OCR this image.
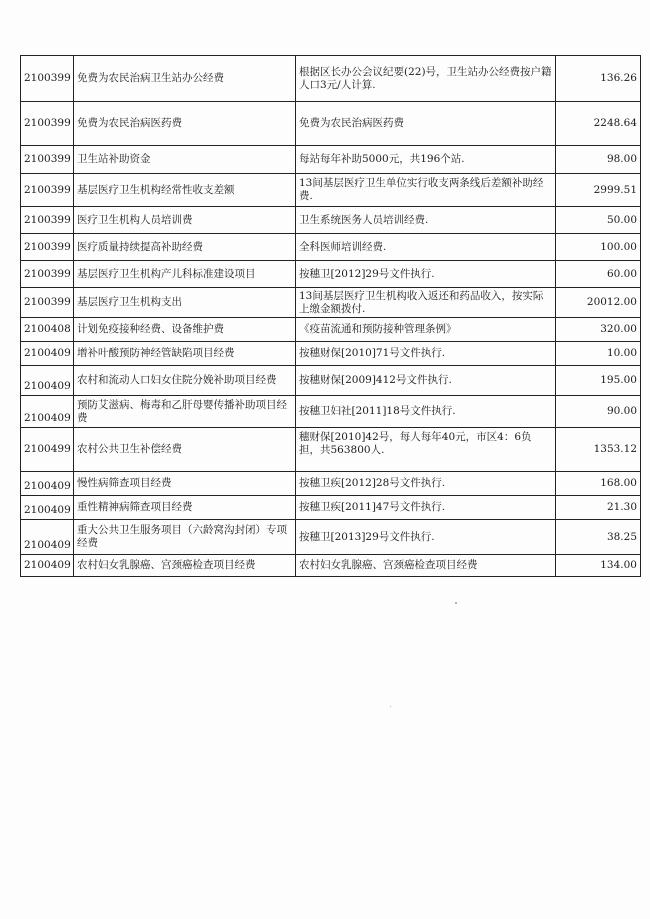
2100399	免费为农民治病卫生站办公经费	根据区长办公会议纪要(22)号，卫生站办公经费按户籍人口3元/人计算.	136.26
2100399	免费为农民治病医药费	免费为农民治病医药费	2248.64
2100399	卫生站补助资金	每站每年补助5000元，共196个站.	98.00
2100399	基层医疗卫生机构经常性收支差额	13间基层医疗卫生单位实行收支两条线后差额补助经费.	2999.51
2100399	医疗卫生机构人员培训费	卫生系统医务人员培训经费.	50.00
2100399	医疗质量持续提高补助经费	全科医师培训经费.	100.00
2100399	基层医疗卫生机构产儿科标准建设项目	按穗卫[2012]29号文件执行.	60.00
2100399	基层医疗卫生机构支出	13间基层医疗卫生机构收入返还和药品收入，按实际上缴金额拨付.	20012.00
2100408	计划免疫接种经费、设备维护费	《疫苗流通和预防接种管理条例》	320.00
2100409	增补叶酸预防神经管缺陷项目经费	按穗财保[2010]71号文件执行.	10.00
2100409	农村和流动人口妇女住院分娩补助项目经费	按穗财保[2009]412号文件执行.	195.00
2100409	预防艾滋病、梅毒和乙肝母婴传播补助项目经费	按穗卫妇社[2011]18号文件执行.	90.00
2100499	农村公共卫生补偿经费	穗财保[2010]42号，每人每年40元，市区4：6负担，共563800人.	1353.12
2100409	慢性病筛查项目经费	按穗卫疾[2012]28号文件执行.	168.00
2100409	重性精神病筛查项目经费	按穗卫疾[2011]47号文件执行.	21.30
2100409	重大公共卫生服务项目（六龄窝沟封闭）专项经费	按穗卫[2013]29号文件执行.	38.25
2100409	农村妇女乳腺癌、宫颈癌检查项目经费	农村妇女乳腺癌、宫颈癌检查项目经费	134.00
